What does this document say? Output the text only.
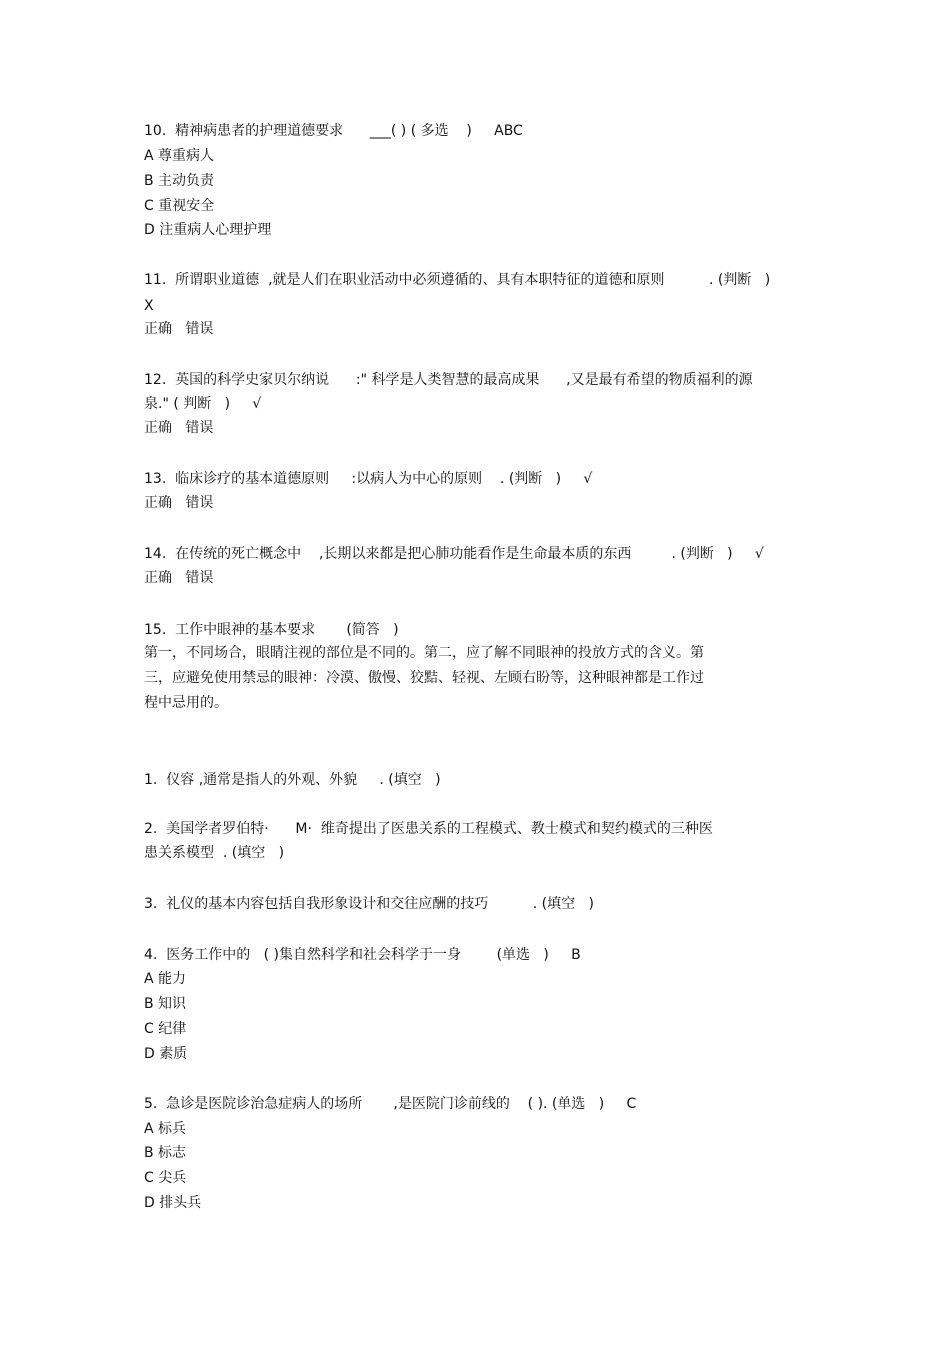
10.  精神病患者的护理道德要求      ___( ) ( 多选    )     ABC
A 尊重病人
B 主动负责
C 重视安全
D 注重病人心理护理
11.  所谓职业道德  ,就是人们在职业活动中必须遵循的、具有本职特征的道德和原则          . (判断   )
X
正确   错误
12.  英国的科学史家贝尔纳说      :" 科学是人类智慧的最高成果      ,又是最有希望的物质福利的源
泉." ( 判断   )     √
正确   错误
13.  临床诊疗的基本道德原则     :以病人为中心的原则    . (判断   )     √
正确   错误
14.  在传统的死亡概念中    ,长期以来都是把心肺功能看作是生命最本质的东西         . (判断   )     √
正确   错误
15.  工作中眼神的基本要求       (简答   )
第一，不同场合，眼睛注视的部位是不同的。第二，应了解不同眼神的投放方式的含义。第
三，应避免使用禁忌的眼神：冷漠、傲慢、狡黠、轻视、左顾右盼等，这种眼神都是工作过
程中忌用的。
1.  仪容 ,通常是指人的外观、外貌     . (填空   )
2.  美国学者罗伯特·      M·  维奇提出了医患关系的工程模式、教士模式和契约模式的三种医
患关系模型  . (填空   )
3.  礼仪的基本内容包括自我形象设计和交往应酬的技巧          . (填空   )
4.  医务工作中的   ( )集自然科学和社会科学于一身        (单选   )     B
A 能力
B 知识
C 纪律
D 素质
5.  急诊是医院诊治急症病人的场所       ,是医院门诊前线的    ( ). (单选   )     C
A 标兵
B 标志
C 尖兵
D 排头兵
